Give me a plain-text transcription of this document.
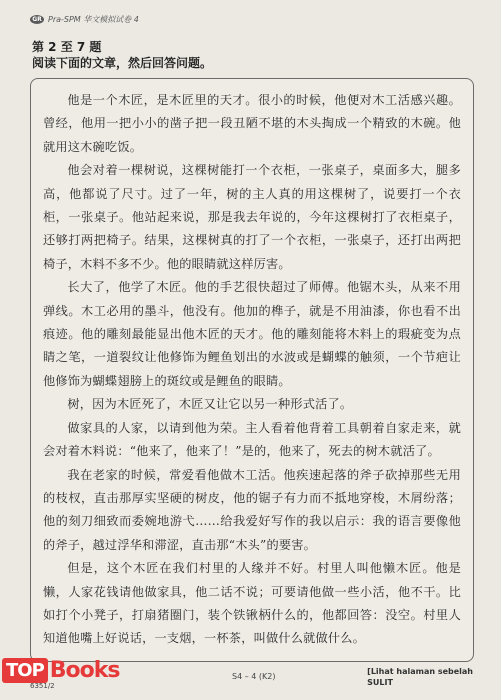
GR Pra-SPM 华文模拟试卷 4
第 2 至 7 题
阅读下面的文章，然后回答问题。

他是一个木匠，是木匠里的天才。很小的时候，他便对木工活感兴趣。曾经，他用一把小小的凿子把一段丑陋不堪的木头掏成一个精致的木碗。他就用这木碗吃饭。

他会对着一棵树说，这棵树能打一个衣柜，一张桌子，桌面多大，腿多高，他都说了尺寸。过了一年，树的主人真的用这棵树了，说要打一个衣柜，一张桌子。他站起来说，那是我去年说的，今年这棵树打了衣柜桌子，还够打两把椅子。结果，这棵树真的打了一个衣柜，一张桌子，还打出两把椅子，木料不多不少。他的眼睛就这样厉害。

长大了，他学了木匠。他的手艺很快超过了师傅。他锯木头，从来不用弹线。木工必用的墨斗，他没有。他加的榫子，就是不用油漆，你也看不出痕迹。他的雕刻最能显出他木匠的天才。他的雕刻能将木料上的瑕疵变为点睛之笔，一道裂纹让他修饰为鲤鱼划出的水波或是蝴蝶的触须，一个节疤让他修饰为蝴蝶翅膀上的斑纹或是鲤鱼的眼睛。

树，因为木匠死了，木匠又让它以另一种形式活了。

做家具的人家，以请到他为荣。主人看着他背着工具朝着自家走来，就会对着木料说：“他来了，他来了！”是的，他来了，死去的树木就活了。

我在老家的时候，常爱看他做木工活。他疾速起落的斧子砍掉那些无用的枝杈，直击那厚实坚硬的树皮，他的锯子有力而不抵地穿梭，木屑纷落；他的刻刀细致而委婉地游弋……给我爱好写作的我以启示：我的语言要像他的斧子，越过浮华和滞涩，直击那“木头”的要害。

但是，这个木匠在我们村里的人缘并不好。村里人叫他懒木匠。他是懒，人家花钱请他做家具，他二话不说；可要请他做一些小活，他不干。比如打个小凳子，打扇猪圈门，装个铁锹柄什么的，他都回答：没空。村里人知道他嘴上好说话，一支烟，一杯茶，叫做什么就做什么。

TOP Books
6351/2
S4 – 4 (K2)
[Lihat halaman sebelah
SULIT
